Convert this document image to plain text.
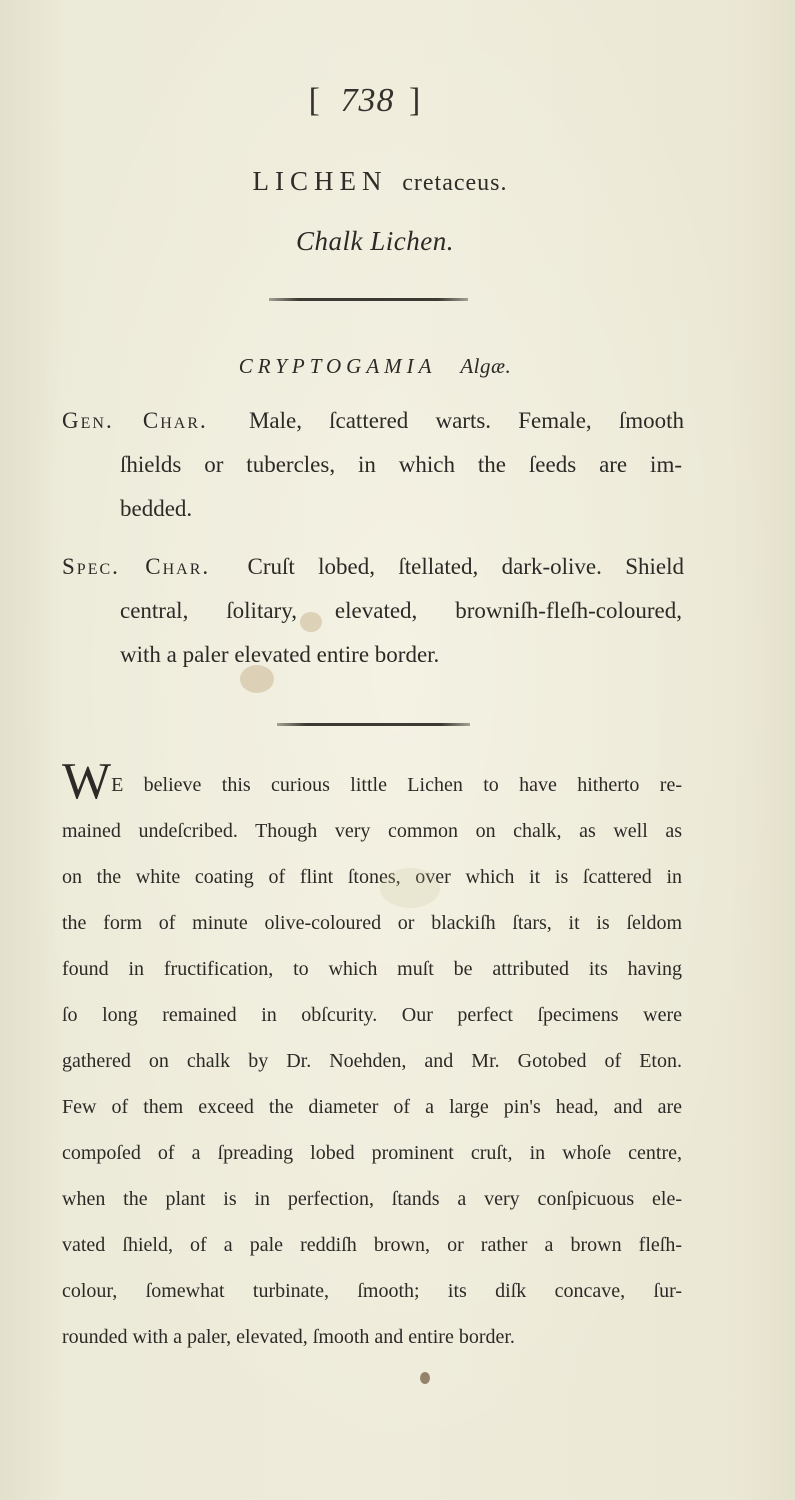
[ 738 ]
LICHEN cretaceus.
Chalk Lichen.
CRYPTOGAMIA Algæ.
Gen. Char. Male, ſcattered warts. Female, ſmooth
ſhields or tubercles, in which the ſeeds are im-
bedded.
Spec. Char. Cruſt lobed, ſtellated, dark-olive. Shield
central, ſolitary, elevated, browniſh-fleſh-coloured,
with a paler elevated entire border.
W E believe this curious little Lichen to have hitherto re-
mained undeſcribed. Though very common on chalk, as well as
on the white coating of flint ſtones, over which it is ſcattered in
the form of minute olive-coloured or blackiſh ſtars, it is ſeldom
found in fructification, to which muſt be attributed its having
ſo long remained in obſcurity. Our perfect ſpecimens were
gathered on chalk by Dr. Noehden, and Mr. Gotobed of Eton.
Few of them exceed the diameter of a large pin's head, and are
compoſed of a ſpreading lobed prominent cruſt, in whoſe centre,
when the plant is in perfection, ſtands a very conſpicuous ele-
vated ſhield, of a pale reddiſh brown, or rather a brown fleſh-
colour, ſomewhat turbinate, ſmooth; its diſk concave, ſur-
rounded with a paler, elevated, ſmooth and entire border.
